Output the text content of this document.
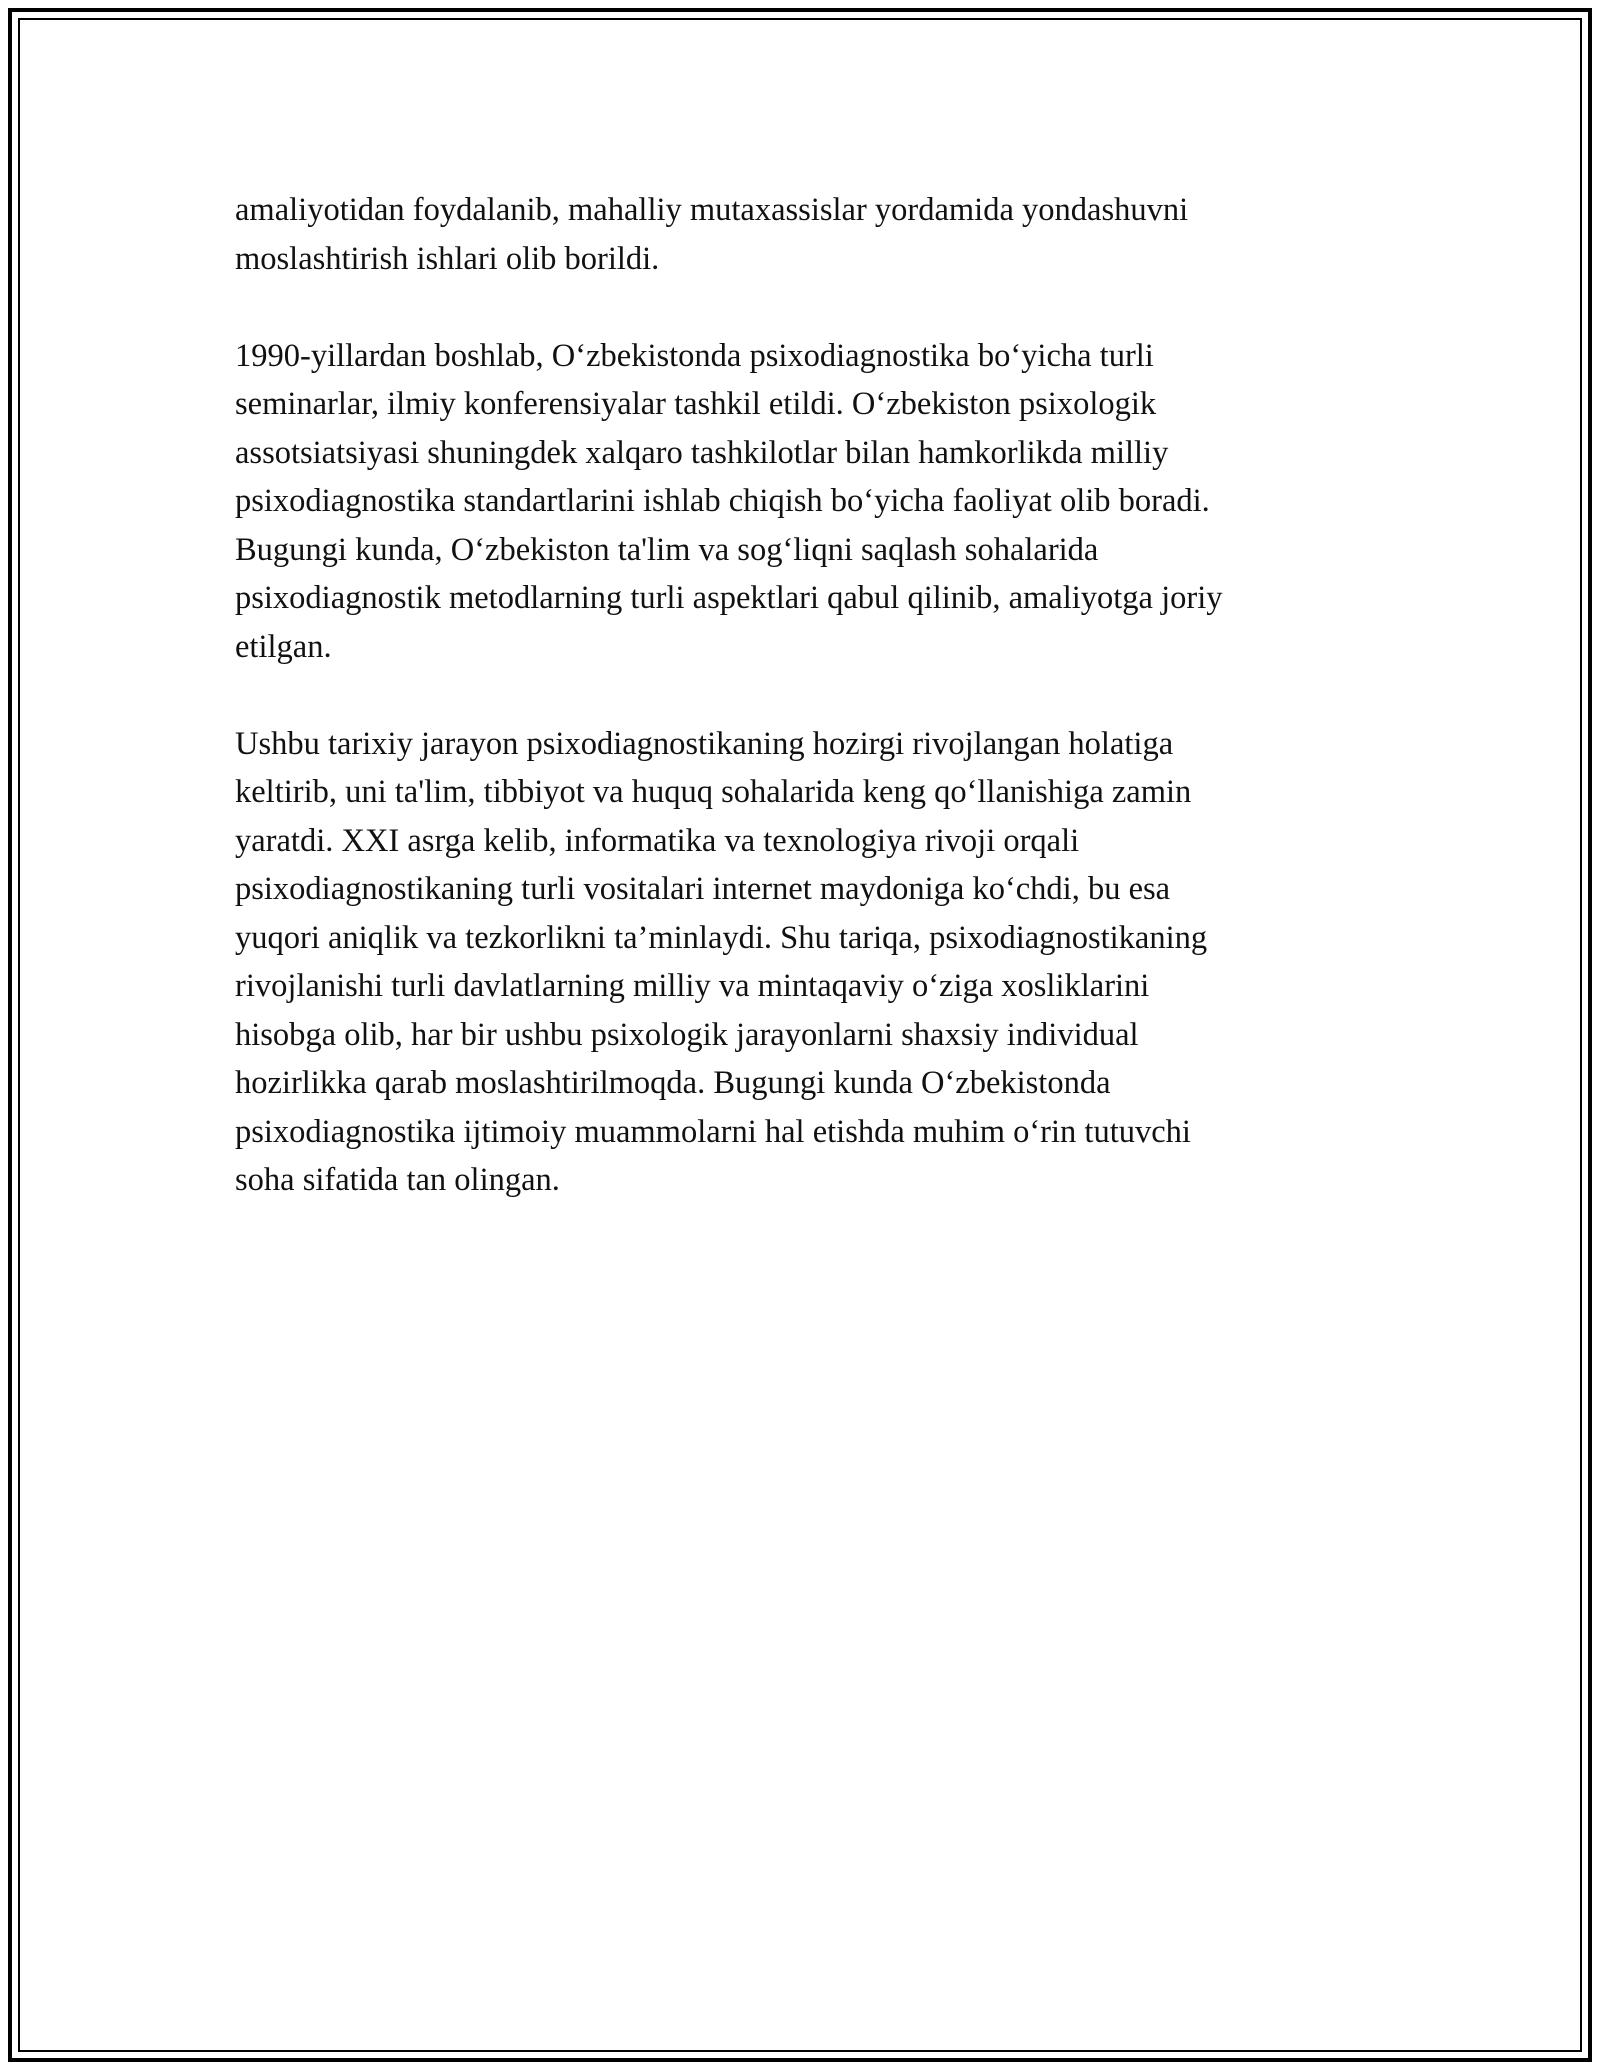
amaliyotidan foydalanib, mahalliy mutaxassislar yordamida yondashuvni
moslashtirish ishlari olib borildi.

1990-yillardan boshlab, O‘zbekistonda psixodiagnostika bo‘yicha turli
seminarlar, ilmiy konferensiyalar tashkil etildi. O‘zbekiston psixologik
assotsiatsiyasi shuningdek xalqaro tashkilotlar bilan hamkorlikda milliy
psixodiagnostika standartlarini ishlab chiqish bo‘yicha faoliyat olib boradi.
Bugungi kunda, O‘zbekiston ta'lim va sog‘liqni saqlash sohalarida
psixodiagnostik metodlarning turli aspektlari qabul qilinib, amaliyotga joriy
etilgan.

Ushbu tarixiy jarayon psixodiagnostikaning hozirgi rivojlangan holatiga
keltirib, uni ta'lim, tibbiyot va huquq sohalarida keng qo‘llanishiga zamin
yaratdi. XXI asrga kelib, informatika va texnologiya rivoji orqali
psixodiagnostikaning turli vositalari internet maydoniga ko‘chdi, bu esa
yuqori aniqlik va tezkorlikni ta’minlaydi. Shu tariqa, psixodiagnostikaning
rivojlanishi turli davlatlarning milliy va mintaqaviy o‘ziga xosliklarini
hisobga olib, har bir ushbu psixologik jarayonlarni shaxsiy individual
hozirlikka qarab moslashtirilmoqda. Bugungi kunda O‘zbekistonda
psixodiagnostika ijtimoiy muammolarni hal etishda muhim o‘rin tutuvchi
soha sifatida tan olingan.
